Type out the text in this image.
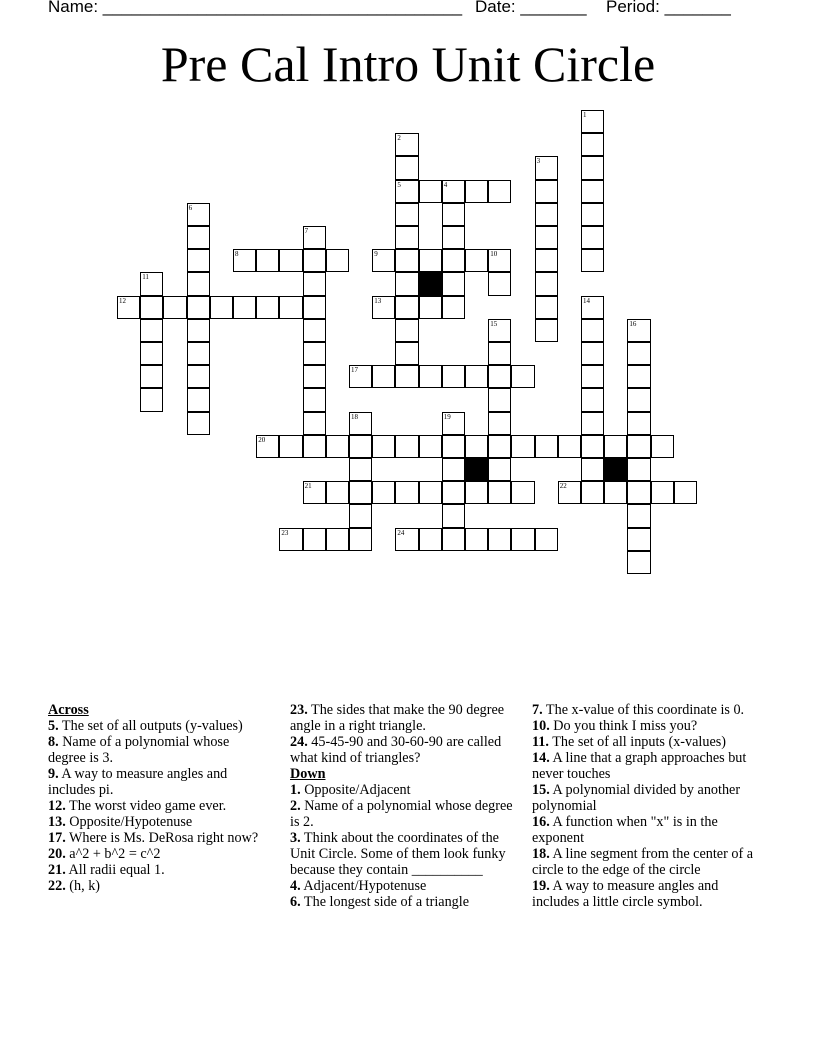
Name: ______________________________________ Date: _______ Period: _______
Pre Cal Intro Unit Circle
5	4
8	9	10
12	13
17
20
21	22
23	24
1
2
3
6
7
11
14
15	16
18	19
Across
5. The set of all outputs (y-values)
8. Name of a polynomial whose degree is 3.
9. A way to measure angles and includes pi.
12. The worst video game ever.
13. Opposite/Hypotenuse
17. Where is Ms. DeRosa right now?
20. a^2 + b^2 = c^2
21. All radii equal 1.
22. (h, k)
23. The sides that make the 90 degree angle in a right triangle.
24. 45-45-90 and 30-60-90 are called what kind of triangles?
Down
1. Opposite/Adjacent
2. Name of a polynomial whose degree is 2.
3. Think about the coordinates of the Unit Circle. Some of them look funky because they contain __________
4. Adjacent/Hypotenuse
6. The longest side of a triangle
7. The x-value of this coordinate is 0.
10. Do you think I miss you?
11. The set of all inputs (x-values)
14. A line that a graph approaches but never touches
15. A polynomial divided by another polynomial
16. A function when "x" is in the exponent
18. A line segment from the center of a circle to the edge of the circle
19. A way to measure angles and includes a little circle symbol.
